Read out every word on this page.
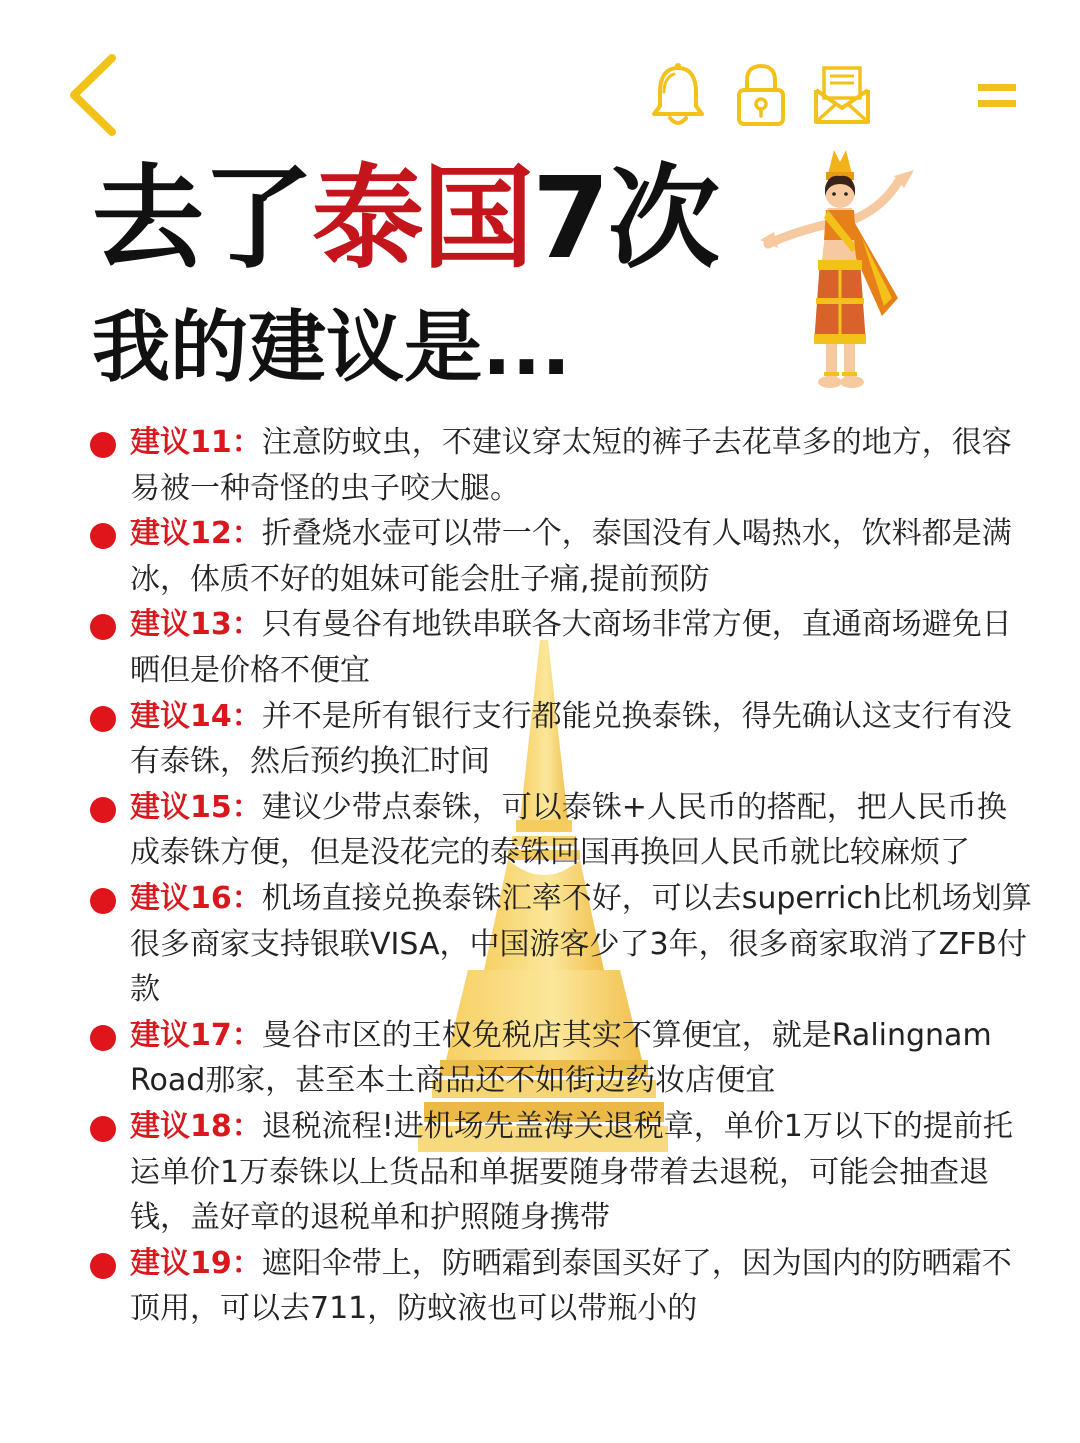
去了泰国7次
我的建议是...

建议11：注意防蚊虫，不建议穿太短的裤子去花草多的地方，很容易被一种奇怪的虫子咬大腿。

建议12：折叠烧水壶可以带一个，泰国没有人喝热水，饮料都是满冰，体质不好的姐妹可能会肚子痛,提前预防

建议13：只有曼谷有地铁串联各大商场非常方便，直通商场避免日晒但是价格不便宜

建议14：并不是所有银行支行都能兑换泰铢，得先确认这支行有没有泰铢，然后预约换汇时间

建议15：建议少带点泰铢，可以泰铢+人民币的搭配，把人民币换成泰铢方便，但是没花完的泰铢回国再换回人民币就比较麻烦了

建议16：机场直接兑换泰铢汇率不好，可以去superrich比机场划算很多商家支持银联VISA，中国游客少了3年，很多商家取消了ZFB付款

建议17：曼谷市区的王权免税店其实不算便宜，就是Ralingnam Road那家，甚至本土商品还不如街边药妆店便宜

建议18：退税流程!进机场先盖海关退税章，单价1万以下的提前托运单价1万泰铢以上货品和单据要随身带着去退税，可能会抽查退钱，盖好章的退税单和护照随身携带

建议19：遮阳伞带上，防晒霜到泰国买好了，因为国内的防晒霜不顶用，可以去711，防蚊液也可以带瓶小的
